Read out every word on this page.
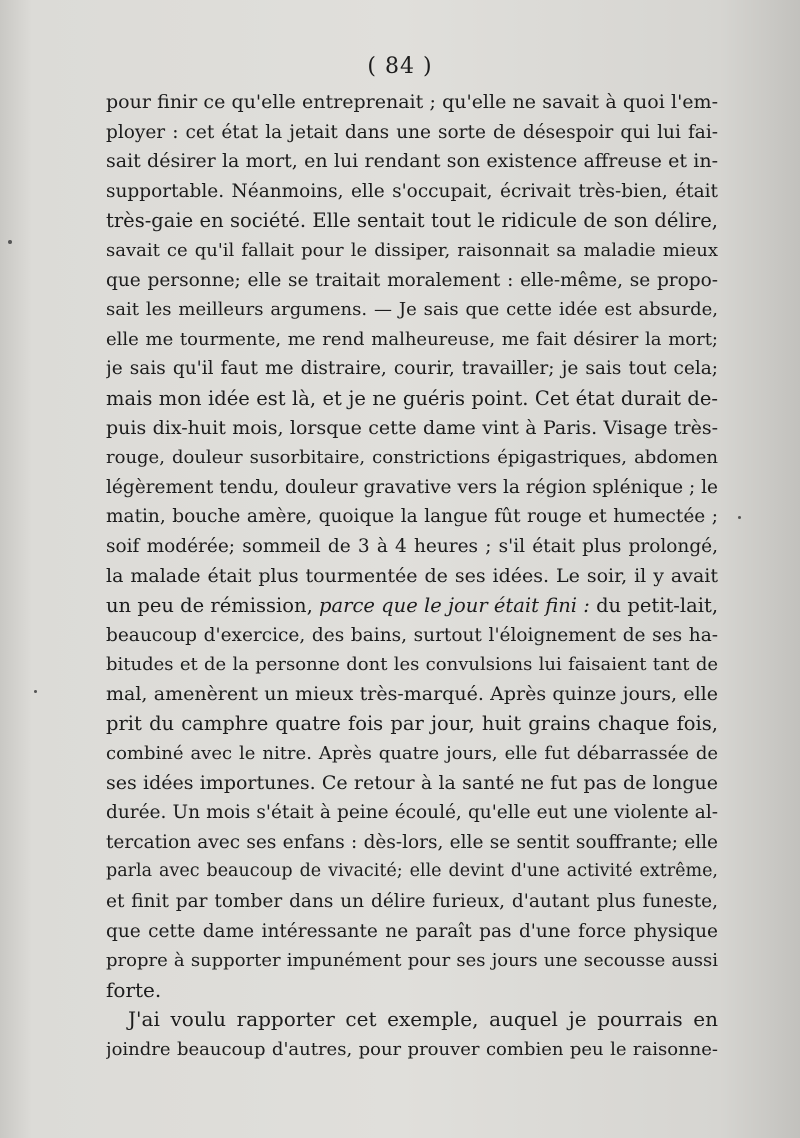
( 84 )
pour finir ce qu'elle entreprenait ; qu'elle ne savait à quoi l'em-
ployer : cet état la jetait dans une sorte de désespoir qui lui fai-
sait désirer la mort, en lui rendant son existence affreuse et in-
supportable. Néanmoins, elle s'occupait, écrivait très-bien, était
très-gaie en société. Elle sentait tout le ridicule de son délire,
savait ce qu'il fallait pour le dissiper, raisonnait sa maladie mieux
que personne; elle se traitait moralement : elle-même, se propo-
sait les meilleurs argumens. — Je sais que cette idée est absurde,
elle me tourmente, me rend malheureuse, me fait désirer la mort;
je sais qu'il faut me distraire, courir, travailler; je sais tout cela;
mais mon idée est là, et je ne guéris point. Cet état durait de-
puis dix-huit mois, lorsque cette dame vint à Paris. Visage très-
rouge, douleur susorbitaire, constrictions épigastriques, abdomen
légèrement tendu, douleur gravative vers la région splénique ; le
matin, bouche amère, quoique la langue fût rouge et humectée ;
soif modérée; sommeil de 3 à 4 heures ; s'il était plus prolongé,
la malade était plus tourmentée de ses idées. Le soir, il y avait
un peu de rémission, parce que le jour était fini : du petit-lait,
beaucoup d'exercice, des bains, surtout l'éloignement de ses ha-
bitudes et de la personne dont les convulsions lui faisaient tant de
mal, amenèrent un mieux très-marqué. Après quinze jours, elle
prit du camphre quatre fois par jour, huit grains chaque fois,
combiné avec le nitre. Après quatre jours, elle fut débarrassée de
ses idées importunes. Ce retour à la santé ne fut pas de longue
durée. Un mois s'était à peine écoulé, qu'elle eut une violente al-
tercation avec ses enfans : dès-lors, elle se sentit souffrante; elle
parla avec beaucoup de vivacité; elle devint d'une activité extrême,
et finit par tomber dans un délire furieux, d'autant plus funeste,
que cette dame intéressante ne paraît pas d'une force physique
propre à supporter impunément pour ses jours une secousse aussi
forte.
J'ai voulu rapporter cet exemple, auquel je pourrais en
joindre beaucoup d'autres, pour prouver combien peu le raisonne-
